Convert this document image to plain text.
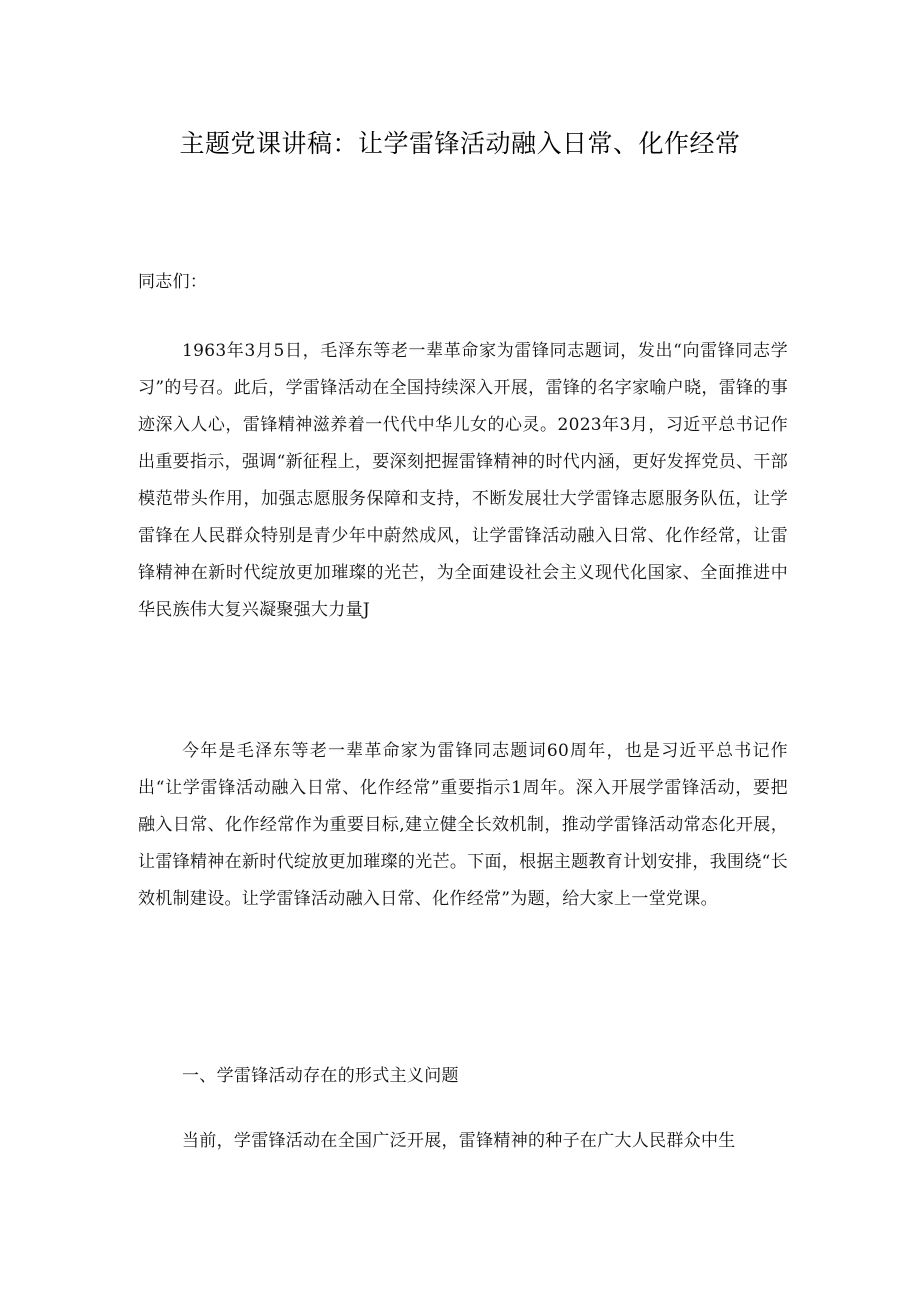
主题党课讲稿：让学雷锋活动融入日常、化作经常
同志们：
1963年3月5日，毛泽东等老一辈革命家为雷锋同志题词，发出“向雷锋同志学习”的号召。此后，学雷锋活动在全国持续深入开展，雷锋的名字家喻户晓，雷锋的事迹深入人心，雷锋精神滋养着一代代中华儿女的心灵。2023年3月，习近平总书记作出重要指示，强调“新征程上，要深刻把握雷锋精神的时代内涵，更好发挥党员、干部模范带头作用，加强志愿服务保障和支持，不断发展壮大学雷锋志愿服务队伍，让学雷锋在人民群众特别是青少年中蔚然成风，让学雷锋活动融入日常、化作经常，让雷锋精神在新时代绽放更加璀璨的光芒，为全面建设社会主义现代化国家、全面推进中华民族伟大复兴凝聚强大力量J
今年是毛泽东等老一辈革命家为雷锋同志题词60周年，也是习近平总书记作出“让学雷锋活动融入日常、化作经常”重要指示1周年。深入开展学雷锋活动，要把融入日常、化作经常作为重要目标,建立健全长效机制，推动学雷锋活动常态化开展，让雷锋精神在新时代绽放更加璀璨的光芒。下面，根据主题教育计划安排，我围绕“长效机制建设。让学雷锋活动融入日常、化作经常”为题，给大家上一堂党课。
一、学雷锋活动存在的形式主义问题
当前，学雷锋活动在全国广泛开展，雷锋精神的种子在广大人民群众中生
